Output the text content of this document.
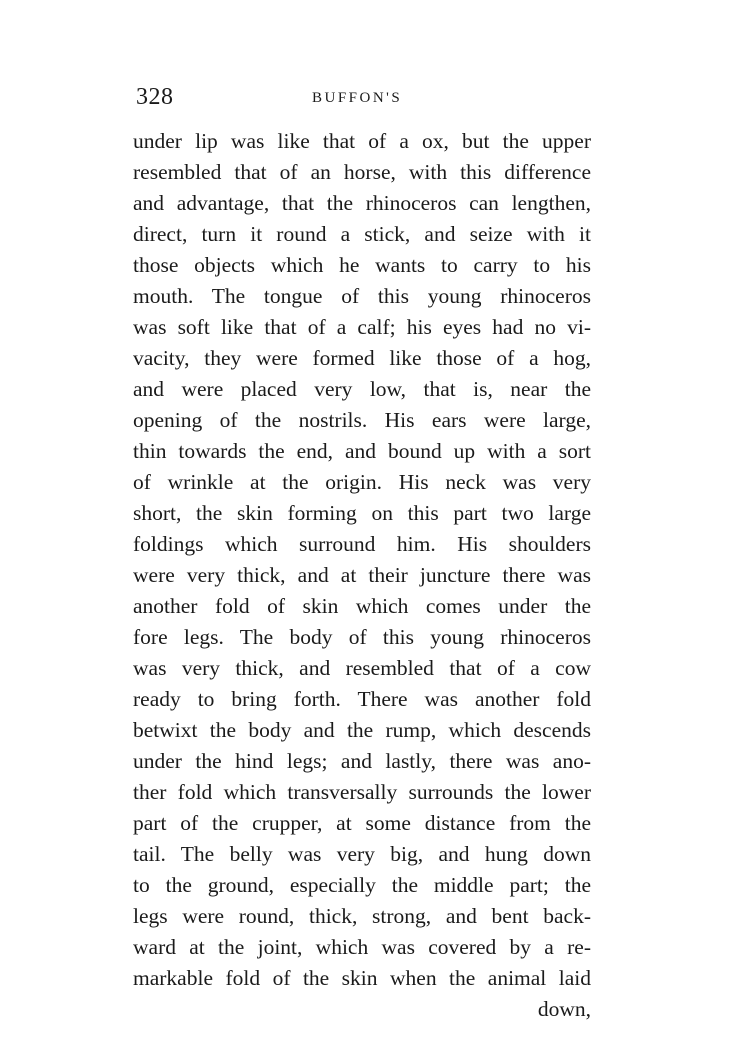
328	BUFFON'S
under lip was like that of a ox, but the upper
resembled that of an horse, with this difference
and advantage, that the rhinoceros can lengthen,
direct, turn it round a stick, and seize with it
those objects which he wants to carry to his
mouth. The tongue of this young rhinoceros
was soft like that of a calf; his eyes had no vi-
vacity, they were formed like those of a hog,
and were placed very low, that is, near the
opening of the nostrils. His ears were large,
thin towards the end, and bound up with a sort
of wrinkle at the origin. His neck was very
short, the skin forming on this part two large
foldings which surround him. His shoulders
were very thick, and at their juncture there was
another fold of skin which comes under the
fore legs. The body of this young rhinoceros
was very thick, and resembled that of a cow
ready to bring forth. There was another fold
betwixt the body and the rump, which descends
under the hind legs; and lastly, there was ano-
ther fold which transversally surrounds the lower
part of the crupper, at some distance from the
tail. The belly was very big, and hung down
to the ground, especially the middle part; the
legs were round, thick, strong, and bent back-
ward at the joint, which was covered by a re-
markable fold of the skin when the animal laid
down,
